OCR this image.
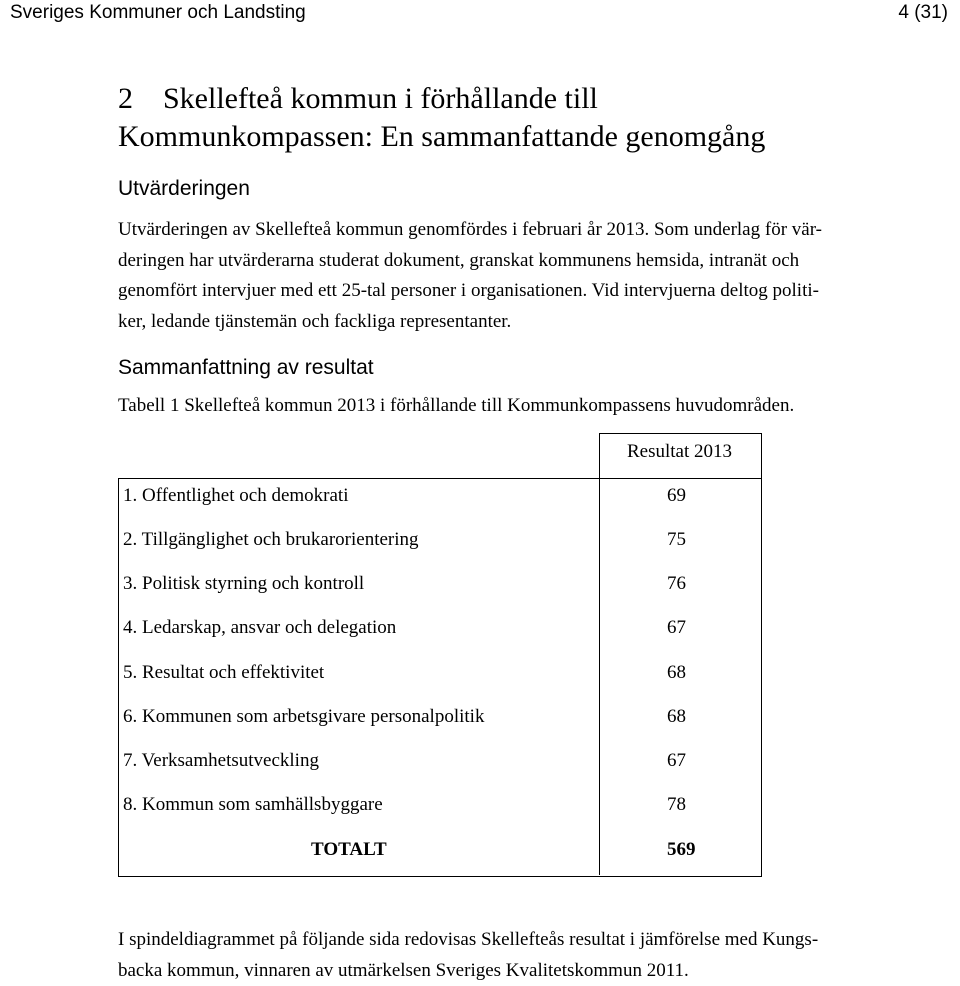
Sveriges Kommuner och Landsting	4 (31)
2    Skellefteå kommun i förhållande till
Kommunkompassen: En sammanfattande genomgång
Utvärderingen
Utvärderingen av Skellefteå kommun genomfördes i februari år 2013. Som underlag för vär-
deringen har utvärderarna studerat dokument, granskat kommunens hemsida, intranät och
genomfört intervjuer med ett 25-tal personer i organisationen. Vid intervjuerna deltog politi-
ker, ledande tjänstemän och fackliga representanter.
Sammanfattning av resultat
Tabell 1 Skellefteå kommun 2013 i förhållande till Kommunkompassens huvudområden.
Resultat 2013
1. Offentlighet och demokrati	69
2. Tillgänglighet och brukarorientering	75
3. Politisk styrning och kontroll	76
4. Ledarskap, ansvar och delegation	67
5. Resultat och effektivitet	68
6. Kommunen som arbetsgivare personalpolitik	68
7. Verksamhetsutveckling	67
8. Kommun som samhällsbyggare	78
TOTALT	569
I spindeldiagrammet på följande sida redovisas Skellefteås resultat i jämförelse med Kungs-
backa kommun, vinnaren av utmärkelsen Sveriges Kvalitetskommun 2011.
